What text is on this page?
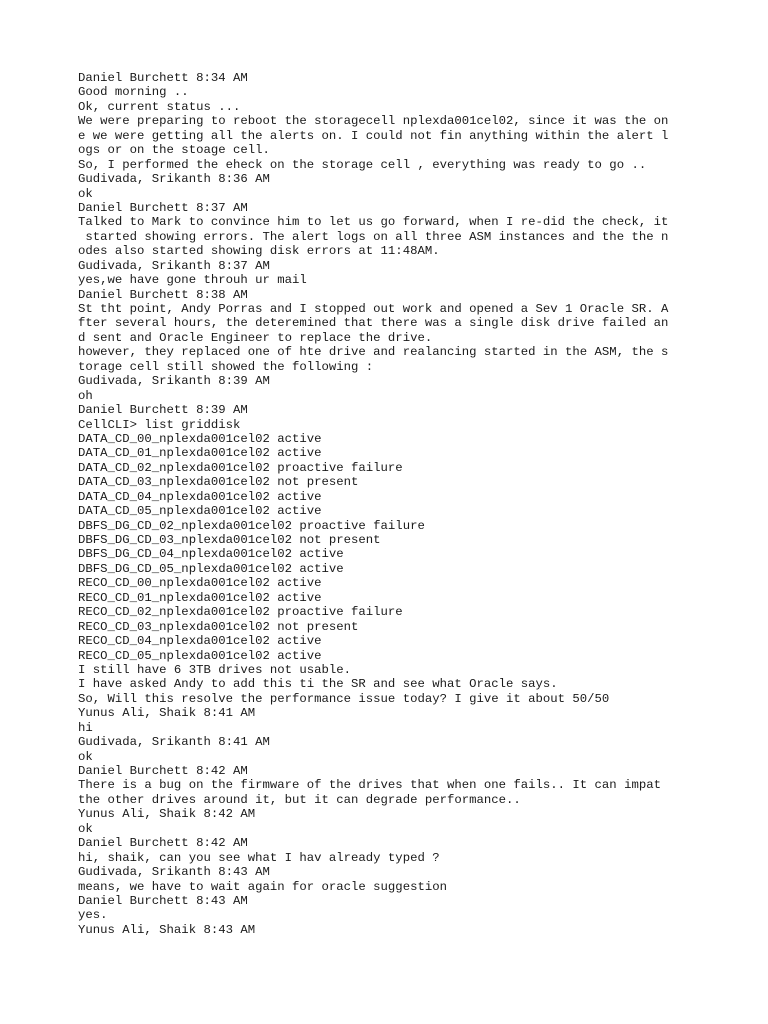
Daniel Burchett 8:34 AM
Good morning ..
Ok, current status ...
We were preparing to reboot the storagecell nplexda001cel02, since it was the on
e we were getting all the alerts on. I could not fin anything within the alert l
ogs or on the stoage cell.
So, I performed the eheck on the storage cell , everything was ready to go ..
Gudivada, Srikanth 8:36 AM
ok
Daniel Burchett 8:37 AM
Talked to Mark to convince him to let us go forward, when I re-did the check, it
started showing errors. The alert logs on all three ASM instances and the the n
odes also started showing disk errors at 11:48AM.
Gudivada, Srikanth 8:37 AM
yes,we have gone throuh ur mail
Daniel Burchett 8:38 AM
St tht point, Andy Porras and I stopped out work and opened a Sev 1 Oracle SR. A
fter several hours, the deteremined that there was a single disk drive failed an
d sent and Oracle Engineer to replace the drive.
however, they replaced one of hte drive and realancing started in the ASM, the s
torage cell still showed the following :
Gudivada, Srikanth 8:39 AM
oh
Daniel Burchett 8:39 AM
CellCLI> list griddisk
DATA_CD_00_nplexda001cel02 active
DATA_CD_01_nplexda001cel02 active
DATA_CD_02_nplexda001cel02 proactive failure
DATA_CD_03_nplexda001cel02 not present
DATA_CD_04_nplexda001cel02 active
DATA_CD_05_nplexda001cel02 active
DBFS_DG_CD_02_nplexda001cel02 proactive failure
DBFS_DG_CD_03_nplexda001cel02 not present
DBFS_DG_CD_04_nplexda001cel02 active
DBFS_DG_CD_05_nplexda001cel02 active
RECO_CD_00_nplexda001cel02 active
RECO_CD_01_nplexda001cel02 active
RECO_CD_02_nplexda001cel02 proactive failure
RECO_CD_03_nplexda001cel02 not present
RECO_CD_04_nplexda001cel02 active
RECO_CD_05_nplexda001cel02 active
I still have 6 3TB drives not usable.
I have asked Andy to add this ti the SR and see what Oracle says.
So, Will this resolve the performance issue today? I give it about 50/50
Yunus Ali, Shaik 8:41 AM
hi
Gudivada, Srikanth 8:41 AM
ok
Daniel Burchett 8:42 AM
There is a bug on the firmware of the drives that when one fails.. It can impat
the other drives around it, but it can degrade performance..
Yunus Ali, Shaik 8:42 AM
ok
Daniel Burchett 8:42 AM
hi, shaik, can you see what I hav already typed ?
Gudivada, Srikanth 8:43 AM
means, we have to wait again for oracle suggestion
Daniel Burchett 8:43 AM
yes.
Yunus Ali, Shaik 8:43 AM
